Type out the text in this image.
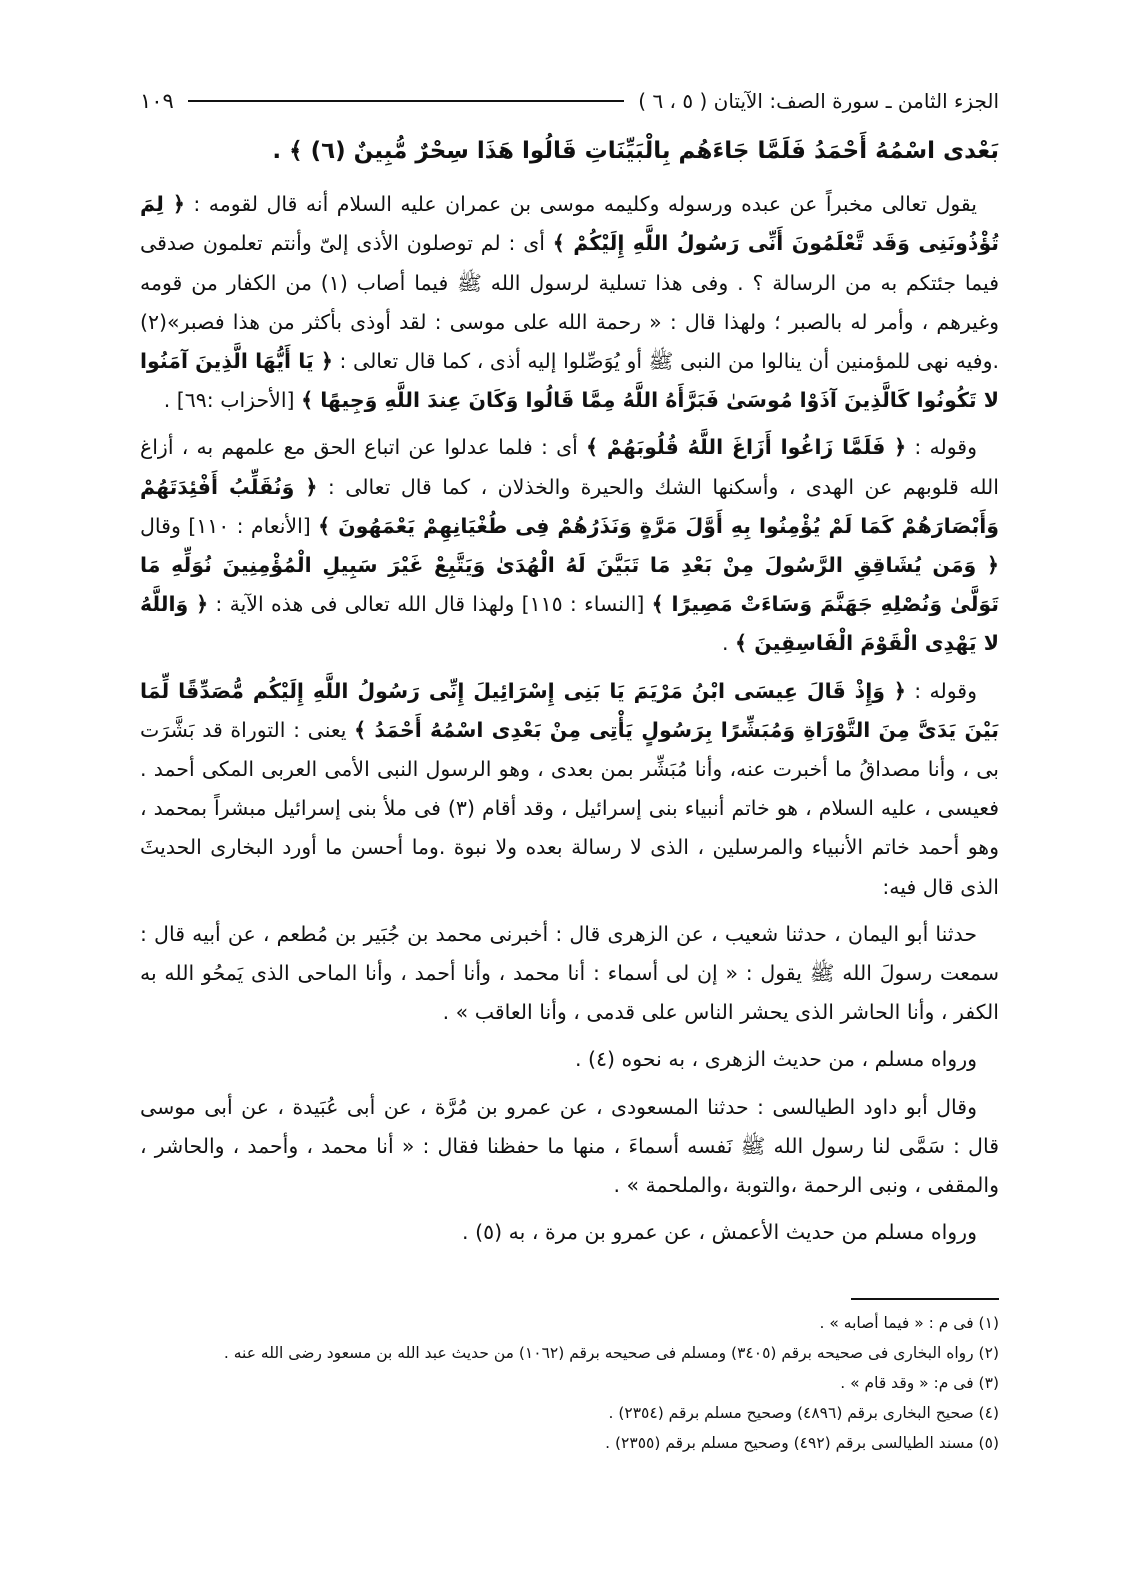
الجزء الثامن ـ سورة الصف: الآيتان ( ٥ ، ٦ )
١٠٩

بَعْدى اسْمُهُ أَحْمَدُ فَلَمَّا جَاءَهُم بِالْبَيِّنَاتِ قَالُوا هَذَا سِحْرٌ مُّبِينٌ (٦) ﴾ .

يقول تعالى مخبراً عن عبده ورسوله وكليمه موسى بن عمران عليه السلام أنه قال لقومه : ﴿ لِمَ تُؤْذُونَنِى وَقَد تَّعْلَمُونَ أَنِّى رَسُولُ اللَّهِ إِلَيْكُمْ ﴾ أى : لم توصلون الأذى إلىّ وأنتم تعلمون صدقى فيما جئتكم به من الرسالة ؟ . وفى هذا تسلية لرسول الله ﷺ فيما أصاب (١) من الكفار من قومه وغيرهم ، وأمر له بالصبر ؛ ولهذا قال : « رحمة الله على موسى : لقد أوذى بأكثر من هذا فصبر»(٢) .وفيه نهى للمؤمنين أن ينالوا من النبى ﷺ أو يُوَصِّلوا إليه أذى ، كما قال تعالى : ﴿ يَا أَيُّهَا الَّذِينَ آمَنُوا لا تَكُونُوا كَالَّذِينَ آذَوْا مُوسَىٰ فَبَرَّأَهُ اللَّهُ مِمَّا قَالُوا وَكَانَ عِندَ اللَّهِ وَجِيهًا ﴾ [الأحزاب :٦٩] .

وقوله : ﴿ فَلَمَّا زَاغُوا أَزَاغَ اللَّهُ قُلُوبَهُمْ ﴾ أى : فلما عدلوا عن اتباع الحق مع علمهم به ، أزاغ الله قلوبهم عن الهدى ، وأسكنها الشك والحيرة والخذلان ، كما قال تعالى : ﴿ وَنُقَلِّبُ أَفْئِدَتَهُمْ وَأَبْصَارَهُمْ كَمَا لَمْ يُؤْمِنُوا بِهِ أَوَّلَ مَرَّةٍ وَنَذَرُهُمْ فِى طُغْيَانِهِمْ يَعْمَهُونَ ﴾ [الأنعام : ١١٠] وقال ﴿ وَمَن يُشَاقِقِ الرَّسُولَ مِنْ بَعْدِ مَا تَبَيَّنَ لَهُ الْهُدَىٰ وَيَتَّبِعْ غَيْرَ سَبِيلِ الْمُؤْمِنِينَ نُوَلِّهِ مَا تَوَلَّىٰ وَنُصْلِهِ جَهَنَّمَ وَسَاءَتْ مَصِيرًا ﴾ [النساء : ١١٥] ولهذا قال الله تعالى فى هذه الآية : ﴿ وَاللَّهُ لا يَهْدِى الْقَوْمَ الْفَاسِقِينَ ﴾ .

وقوله : ﴿ وَإِذْ قَالَ عِيسَى ابْنُ مَرْيَمَ يَا بَنِى إِسْرَائِيلَ إِنِّى رَسُولُ اللَّهِ إِلَيْكُم مُّصَدِّقًا لِّمَا بَيْنَ يَدَىَّ مِنَ التَّوْرَاةِ وَمُبَشِّرًا بِرَسُولٍ يَأْتِى مِنْ بَعْدِى اسْمُهُ أَحْمَدُ ﴾ يعنى : التوراة قد بَشَّرَت بى ، وأنا مصداقُ ما أخبرت عنه، وأنا مُبَشِّر بمن بعدى ، وهو الرسول النبى الأمى العربى المكى أحمد . فعيسى ، عليه السلام ، هو خاتم أنبياء بنى إسرائيل ، وقد أقام (٣) فى ملأ بنى إسرائيل مبشراً بمحمد ، وهو أحمد خاتم الأنبياء والمرسلين ، الذى لا رسالة بعده ولا نبوة .وما أحسن ما أورد البخارى الحديثَ الذى قال فيه:

حدثنا أبو اليمان ، حدثنا شعيب ، عن الزهرى قال : أخبرنى محمد بن جُبَير بن مُطعم ، عن أبيه قال : سمعت رسولَ الله ﷺ يقول : « إن لى أسماء : أنا محمد ، وأنا أحمد ، وأنا الماحى الذى يَمحُو الله به الكفر ، وأنا الحاشر الذى يحشر الناس على قدمى ، وأنا العاقب » .

ورواه مسلم ، من حديث الزهرى ، به نحوه (٤) .

وقال أبو داود الطيالسى : حدثنا المسعودى ، عن عمرو بن مُرَّة ، عن أبى عُبَيدة ، عن أبى موسى قال : سَمَّى لنا رسول الله ﷺ نَفسه أسماءَ ، منها ما حفظنا فقال : « أنا محمد ، وأحمد ، والحاشر ، والمقفى ، ونبى الرحمة ،والتوبة ،والملحمة » .

ورواه مسلم من حديث الأعمش ، عن عمرو بن مرة ، به (٥) .

(١) فى م : « فيما أصابه » .
(٢) رواه البخارى فى صحيحه برقم (٣٤٠٥) ومسلم فى صحيحه برقم (١٠٦٢) من حديث عبد الله بن مسعود رضى الله عنه .
(٣) فى م: « وقد قام » .
(٤) صحيح البخارى برقم (٤٨٩٦) وصحيح مسلم برقم (٢٣٥٤) .
(٥) مسند الطيالسى برقم (٤٩٢) وصحيح مسلم برقم (٢٣٥٥) .
